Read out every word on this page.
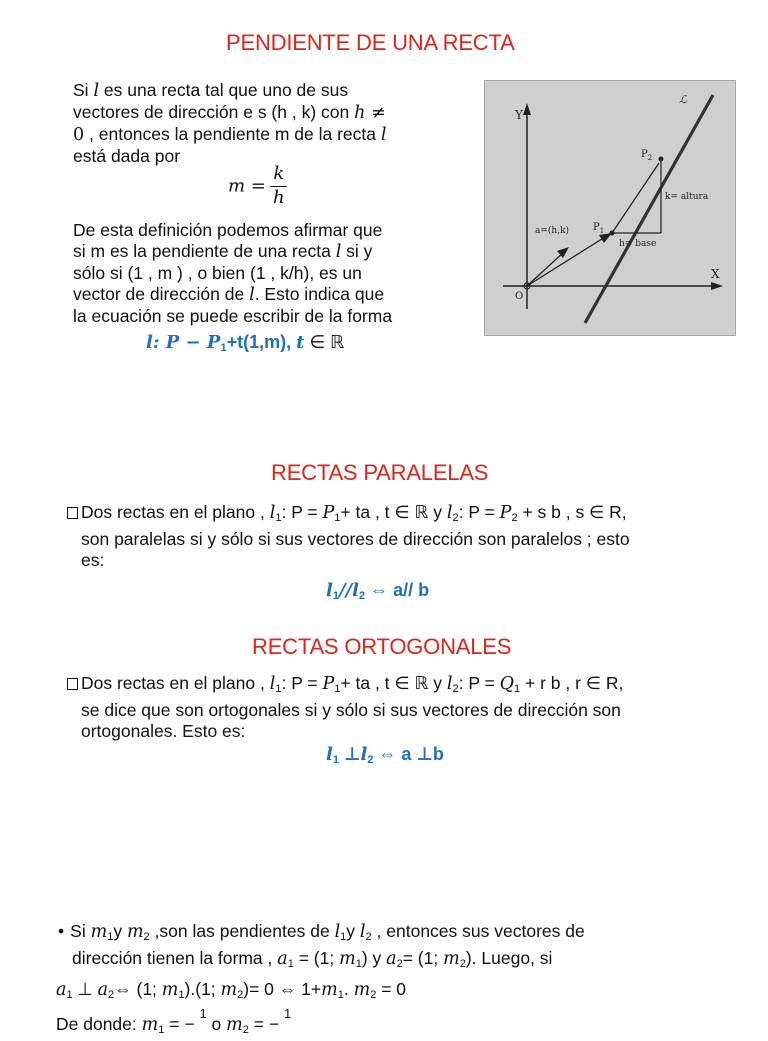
PENDIENTE DE UNA RECTA
Si l es una recta tal que uno de sus
vectores de dirección e s (h , k) con h ≠
0 , entonces la pendiente m de la recta l
está dada por
$m = \frac{k}{h}$
De esta definición podemos afirmar que
si m es la pendiente de una recta l si y
sólo si (1 , m ) , o bien (1 , k/h), es un
vector de dirección de l. Esto indica que
la ecuación se puede escribir de la forma
l: $P - P_1+t(1,m)$, t ∈ ℝ
Y
X
ℒ
O
$P_1$
$P_2$
a=(h,k)
k= altura
h= base
RECTAS PARALELAS
Dos rectas en el plano , $l_1$: $P = P_1+$ ta , t ∈ ℝ y $l_2$: $P = P_2 + s$ b , s ∈ R,
son paralelas si y sólo si sus vectores de dirección son paralelos ; esto
es:
$l_1//l_2$ ⇔ a// b
RECTAS ORTOGONALES
Dos rectas en el plano , $l_1$: $P = P_1+$ ta , t ∈ ℝ y $l_2$: $P = Q_1 + r$ b , r ∈ R,
se dice que son ortogonales si y sólo si sus vectores de dirección son
ortogonales. Esto es:
$l_1$ $\perp l_2$ ⇔ a ⊥b
• Si $m_1y$ $m_2$ ,son las pendientes de $l_1y$ $l_2$ , entonces sus vectores de
dirección tienen la forma , $a_1 = (1$; $m_1$) y $a_2= (1$; $m_2$). Luego, si
$a_1$ ⊥ $a_2\Leftrightarrow$ (1; $m_1).(1$; $m_2)= 0$ ⇔ $1+m_1$. $m_2 = 0$
De donde: $m_1$ = − $^1$ o $m_2$ = − $^1$
